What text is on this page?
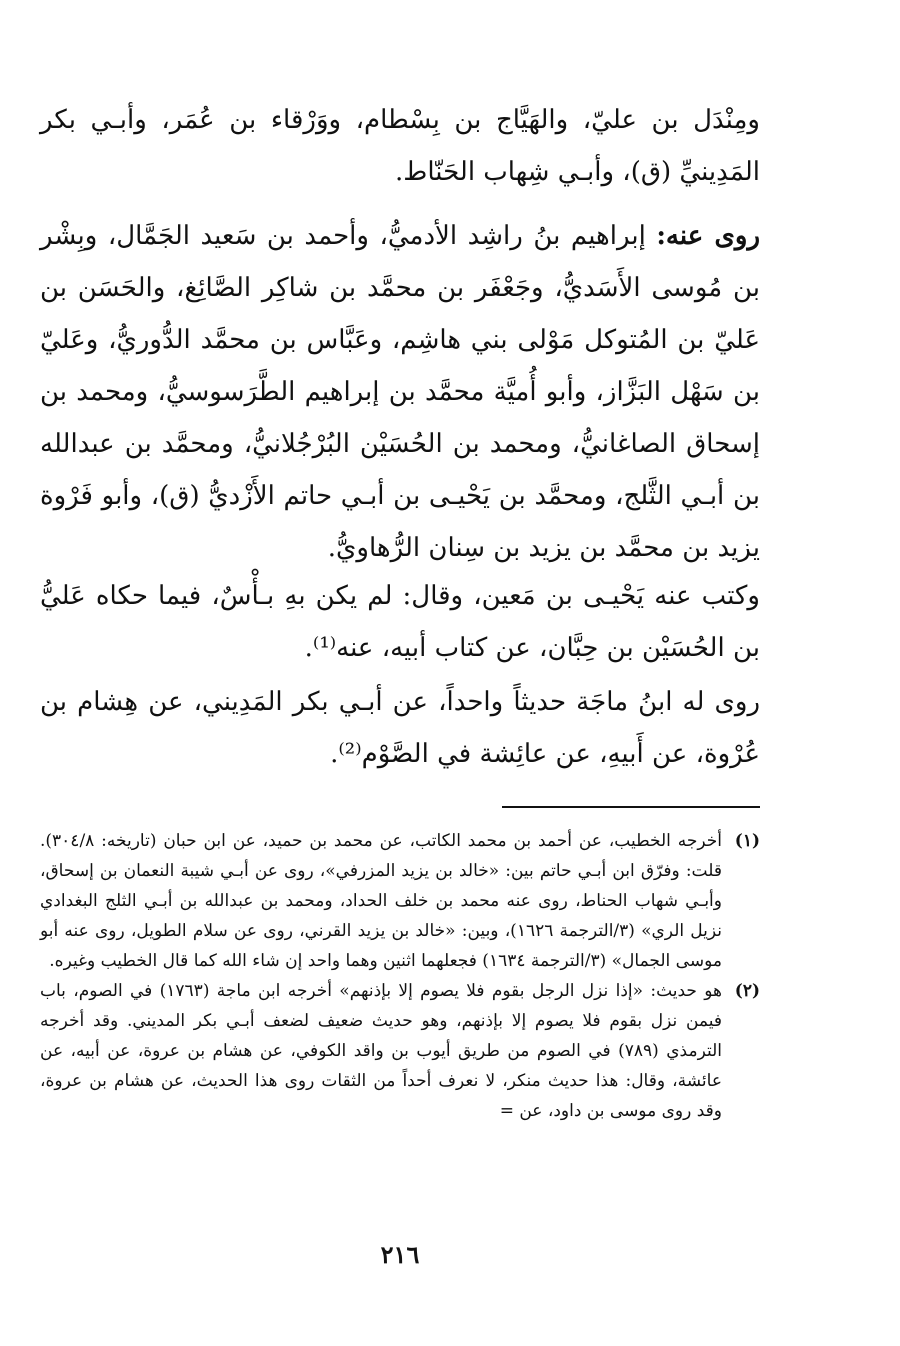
ومِنْدَل بن عليّ، والهَيَّاج بن بِسْطام، ووَرْقاء بن عُمَر، وأبـي بكر المَدِينيِّ (ق)، وأبـي شِهاب الحَنّاط.

روى عنه: إبراهيم بنُ راشِد الأدميُّ، وأحمد بن سَعيد الجَمَّال، وبِشْر بن مُوسى الأَسَديُّ، وجَعْفَر بن محمَّد بن شاكِر الصَّائِغ، والحَسَن بن عَليّ بن المُتوكل مَوْلى بني هاشِم، وعَبَّاس بن محمَّد الدُّوريُّ، وعَليّ بن سَهْل البَزَّاز، وأبو أُميَّة محمَّد بن إبراهيم الطَّرَسوسيُّ، ومحمد بن إسحاق الصاغانيُّ، ومحمد بن الحُسَيْن البُرْجُلانيُّ، ومحمَّد بن عبدالله بن أبـي الثَّلج، ومحمَّد بن يَحْيـى بن أبـي حاتم الأَزْديُّ (ق)، وأبو فَرْوة يزيد بن محمَّد بن يزيد بن سِنان الرُّهاويُّ.

وكتب عنه يَحْيـى بن مَعين، وقال: لم يكن بهِ بـأْسٌ، فيما حكاه عَليُّ بن الحُسَيْن بن حِبَّان، عن كتاب أبيه، عنه⁽¹⁾.

روى له ابنُ ماجَة حديثاً واحداً، عن أبـي بكر المَدِيني، عن هِشام بن عُرْوة، عن أَبيهِ، عن عائِشة في الصَّوْم⁽²⁾.

(١)
أخرجه الخطيب، عن أحمد بن محمد الكاتب، عن محمد بن حميد، عن ابن حبان (تاريخه: ٣٠٤/٨). قلت: وفرّق ابن أبـي حاتم بين: «خالد بن يزيد المزرفي»، روى عن أبـي شيبة النعمان بن إسحاق، وأبـي شهاب الحناط، روى عنه محمد بن خلف الحداد، ومحمد بن عبدالله بن أبـي الثلج البغدادي نزيل الري» (٣/الترجمة ١٦٢٦)، وبين: «خالد بن يزيد القرني، روى عن سلام الطويل، روى عنه أبو موسى الجمال» (٣/الترجمة ١٦٣٤) فجعلهما اثنين وهما واحد إن شاء الله كما قال الخطيب وغيره.
(٢)
هو حديث: «إذا نزل الرجل بقوم فلا يصوم إلا بإذنهم» أخرجه ابن ماجة (١٧٦٣) في الصوم، باب فيمن نزل بقوم فلا يصوم إلا بإذنهم، وهو حديث ضعيف لضعف أبـي بكر المديني. وقد أخرجه الترمذي (٧٨٩) في الصوم من طريق أيوب بن واقد الكوفي، عن هشام بن عروة، عن أبيه، عن عائشة، وقال: هذا حديث منكر، لا نعرف أحداً من الثقات روى هذا الحديث، عن هشام بن عروة، وقد روى موسى بن داود، عن =
٢١٦
